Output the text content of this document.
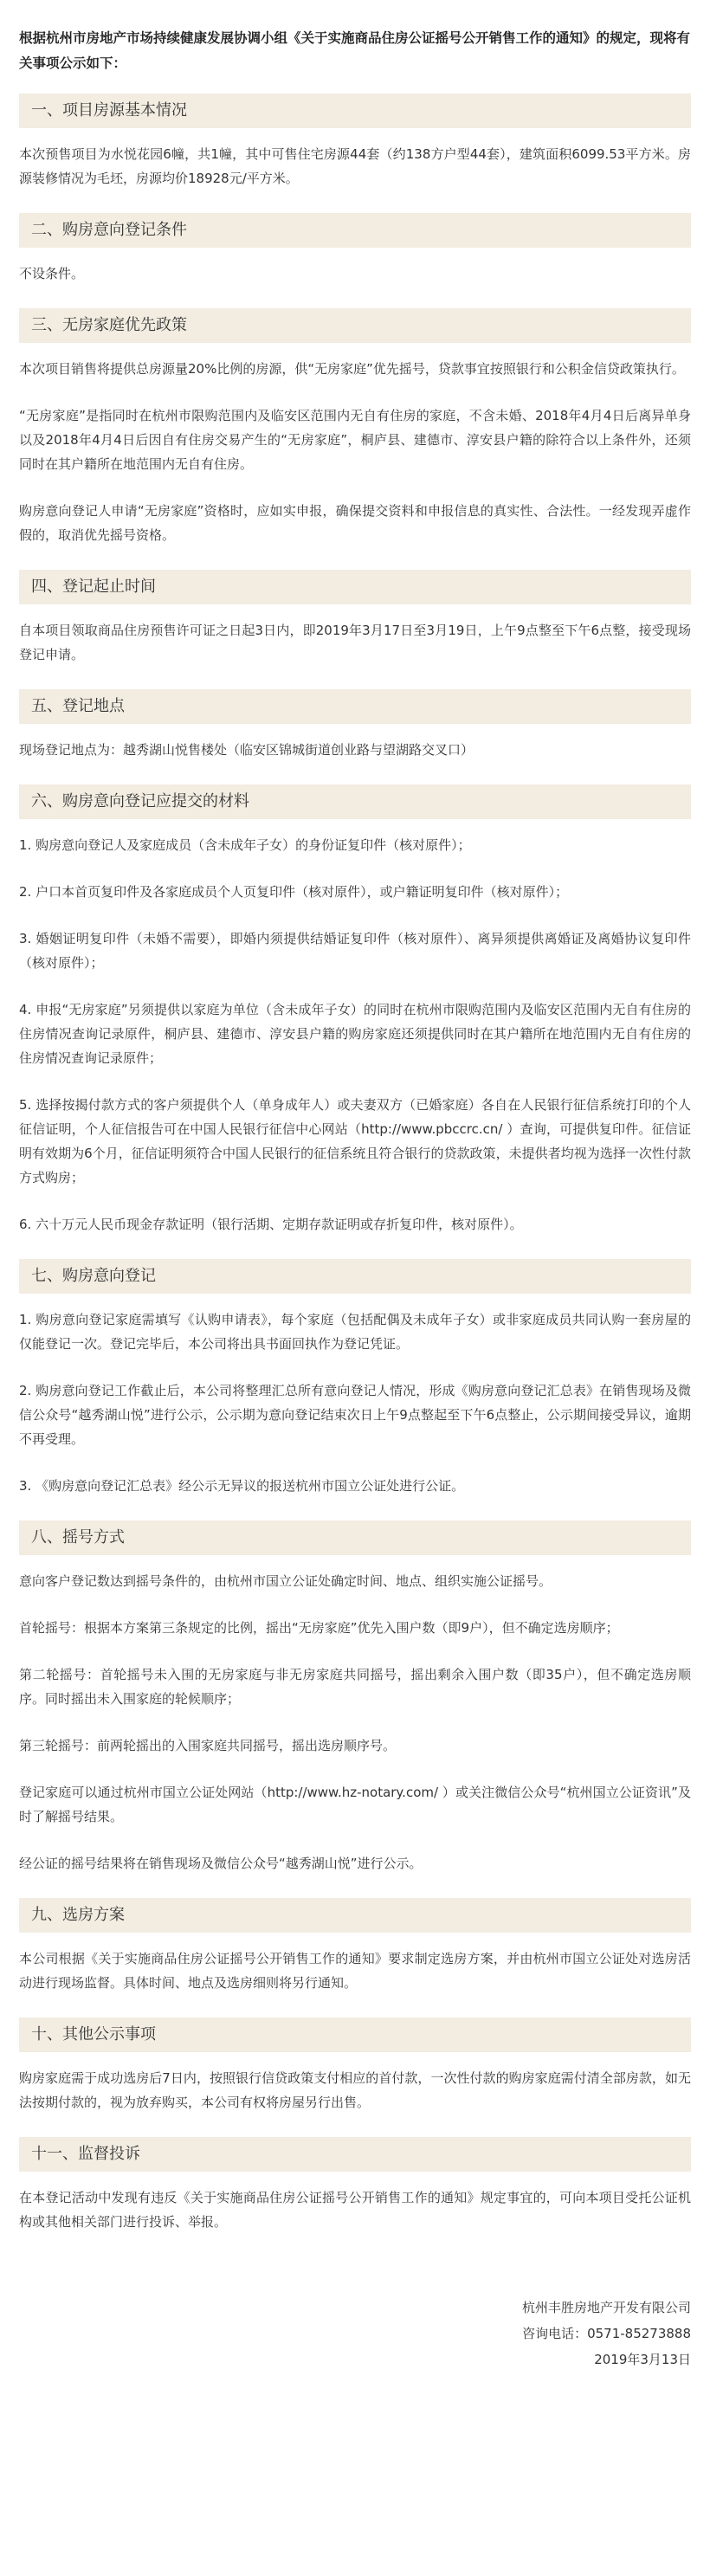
根据杭州市房地产市场持续健康发展协调小组《关于实施商品住房公证摇号公开销售工作的通知》的规定，现将有关事项公示如下：
一、项目房源基本情况

本次预售项目为水悦花园6幢，共1幢，其中可售住宅房源44套（约138方户型44套），建筑面积6099.53平方米。房源装修情况为毛坯，房源均价18928元/平方米。

二、购房意向登记条件

不设条件。

三、无房家庭优先政策

本次项目销售将提供总房源量20%比例的房源，供“无房家庭”优先摇号，贷款事宜按照银行和公积金信贷政策执行。

“无房家庭”是指同时在杭州市限购范围内及临安区范围内无自有住房的家庭，不含未婚、2018年4月4日后离异单身以及2018年4月4日后因自有住房交易产生的“无房家庭”，桐庐县、建德市、淳安县户籍的除符合以上条件外，还须同时在其户籍所在地范围内无自有住房。

购房意向登记人申请“无房家庭”资格时，应如实申报，确保提交资料和申报信息的真实性、合法性。一经发现弄虚作假的，取消优先摇号资格。

四、登记起止时间

自本项目领取商品住房预售许可证之日起3日内，即2019年3月17日至3月19日，上午9点整至下午6点整，接受现场登记申请。

五、登记地点

现场登记地点为：越秀湖山悦售楼处（临安区锦城街道创业路与望湖路交叉口）

六、购房意向登记应提交的材料

1. 购房意向登记人及家庭成员（含未成年子女）的身份证复印件（核对原件）；

2. 户口本首页复印件及各家庭成员个人页复印件（核对原件），或户籍证明复印件（核对原件）；

3. 婚姻证明复印件（未婚不需要），即婚内须提供结婚证复印件（核对原件）、离异须提供离婚证及离婚协议复印件（核对原件）；

4. 申报“无房家庭”另须提供以家庭为单位（含未成年子女）的同时在杭州市限购范围内及临安区范围内无自有住房的住房情况查询记录原件，桐庐县、建德市、淳安县户籍的购房家庭还须提供同时在其户籍所在地范围内无自有住房的住房情况查询记录原件；

5. 选择按揭付款方式的客户须提供个人（单身成年人）或夫妻双方（已婚家庭）各自在人民银行征信系统打印的个人征信证明，个人征信报告可在中国人民银行征信中心网站（http://www.pbccrc.cn/ ）查询，可提供复印件。征信证明有效期为6个月，征信证明须符合中国人民银行的征信系统且符合银行的贷款政策，未提供者均视为选择一次性付款方式购房；

6. 六十万元人民币现金存款证明（银行活期、定期存款证明或存折复印件，核对原件）。

七、购房意向登记

1. 购房意向登记家庭需填写《认购申请表》，每个家庭（包括配偶及未成年子女）或非家庭成员共同认购一套房屋的仅能登记一次。登记完毕后，本公司将出具书面回执作为登记凭证。

2. 购房意向登记工作截止后，本公司将整理汇总所有意向登记人情况，形成《购房意向登记汇总表》在销售现场及微信公众号“越秀湖山悦”进行公示，公示期为意向登记结束次日上午9点整起至下午6点整止，公示期间接受异议，逾期不再受理。

3. 《购房意向登记汇总表》经公示无异议的报送杭州市国立公证处进行公证。

八、摇号方式

意向客户登记数达到摇号条件的，由杭州市国立公证处确定时间、地点、组织实施公证摇号。

首轮摇号：根据本方案第三条规定的比例，摇出“无房家庭”优先入围户数（即9户），但不确定选房顺序；

第二轮摇号：首轮摇号未入围的无房家庭与非无房家庭共同摇号，摇出剩余入围户数（即35户），但不确定选房顺序。同时摇出未入围家庭的轮候顺序；

第三轮摇号：前两轮摇出的入围家庭共同摇号，摇出选房顺序号。

登记家庭可以通过杭州市国立公证处网站（http://www.hz-notary.com/ ）或关注微信公众号“杭州国立公证资讯”及时了解摇号结果。

经公证的摇号结果将在销售现场及微信公众号“越秀湖山悦”进行公示。

九、选房方案

本公司根据《关于实施商品住房公证摇号公开销售工作的通知》要求制定选房方案，并由杭州市国立公证处对选房活动进行现场监督。具体时间、地点及选房细则将另行通知。

十、其他公示事项

购房家庭需于成功选房后7日内，按照银行信贷政策支付相应的首付款，一次性付款的购房家庭需付清全部房款，如无法按期付款的，视为放弃购买，本公司有权将房屋另行出售。

十一、监督投诉

在本登记活动中发现有违反《关于实施商品住房公证摇号公开销售工作的通知》规定事宜的，可向本项目受托公证机构或其他相关部门进行投诉、举报。

杭州丰胜房地产开发有限公司
咨询电话：0571-85273888
2019年3月13日
